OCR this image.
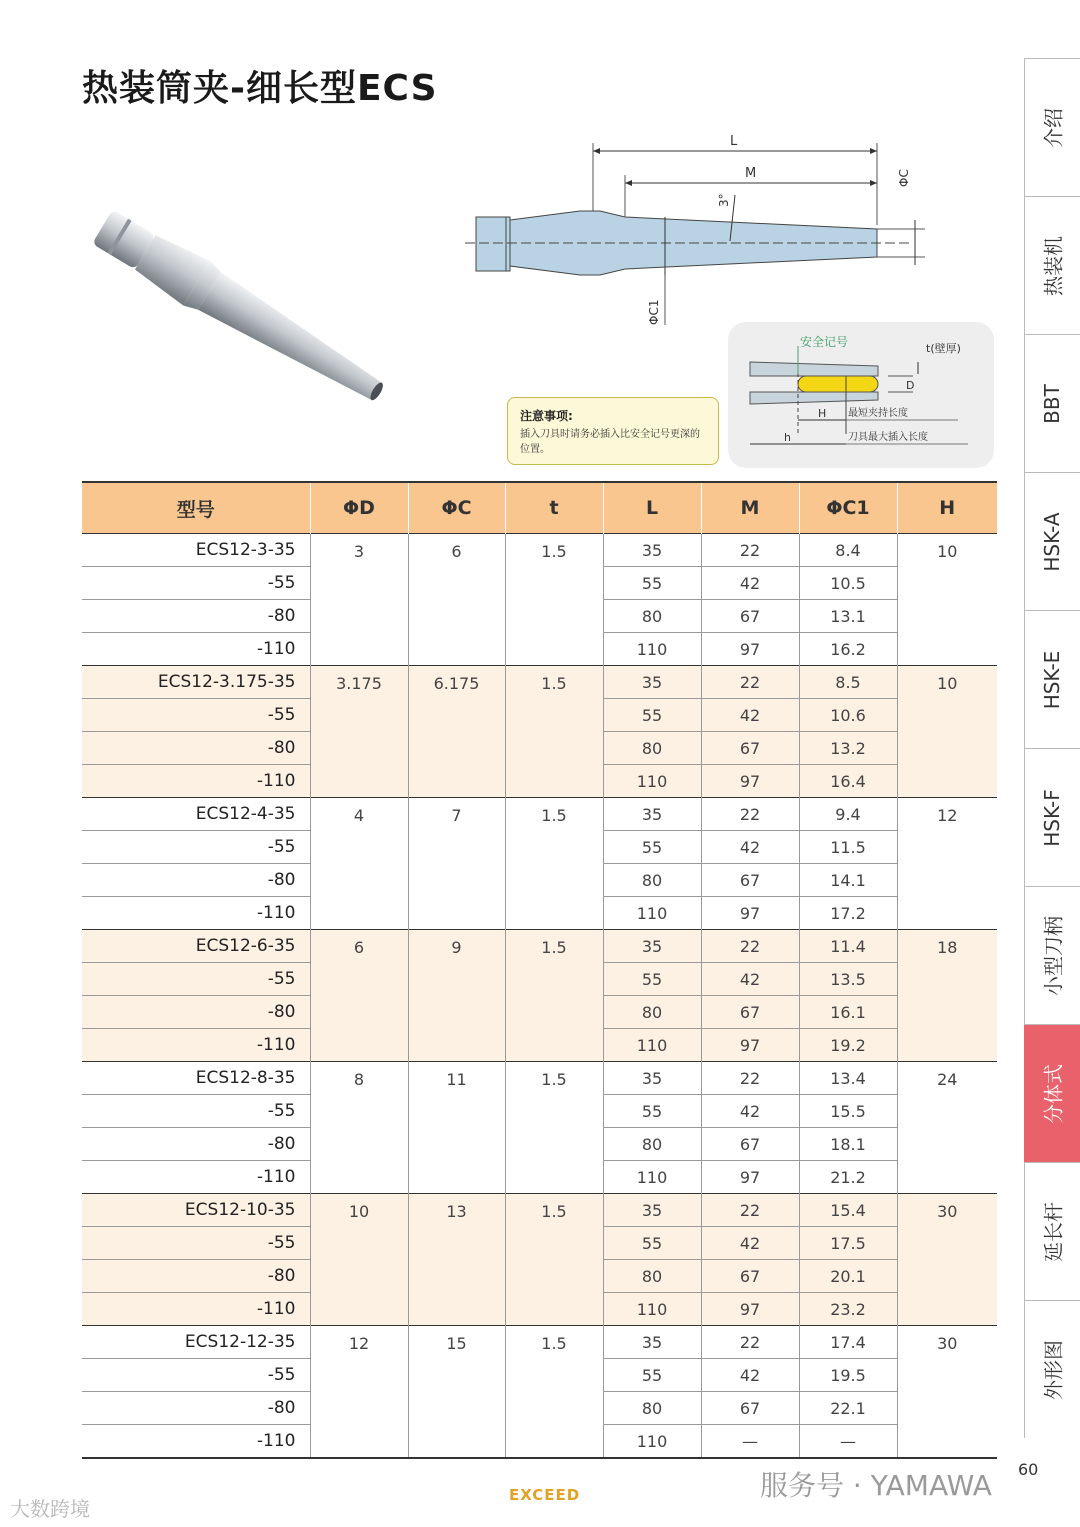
热装筒夹-细长型ECS
L
M
3°
ΦC
ΦC1
安全记号	t(壁厚)
D
H
h
最短夹持长度
刀具最大插入长度
注意事项:
插入刀具时请务必插入比安全记号更深的位置。
型号	ΦD	ΦC	t	L	M	ΦC1	H
ECS12-3-35	3	6	1.5	35	22	8.4	10
-55				55	42	10.5	
-80				80	67	13.1	
-110				110	97	16.2	
ECS12-3.175-35	3.175	6.175	1.5	35	22	8.5	10
-55				55	42	10.6	
-80				80	67	13.2	
-110				110	97	16.4	
ECS12-4-35	4	7	1.5	35	22	9.4	12
-55				55	42	11.5	
-80				80	67	14.1	
-110				110	97	17.2	
ECS12-6-35	6	9	1.5	35	22	11.4	18
-55				55	42	13.5	
-80				80	67	16.1	
-110				110	97	19.2	
ECS12-8-35	8	11	1.5	35	22	13.4	24
-55				55	42	15.5	
-80				80	67	18.1	
-110				110	97	21.2	
ECS12-10-35	10	13	1.5	35	22	15.4	30
-55				55	42	17.5	
-80				80	67	20.1	
-110				110	97	23.2	
ECS12-12-35	12	15	1.5	35	22	17.4	30
-55				55	42	19.5	
-80				80	67	22.1	
-110				110	—	—	
介绍
热装机
BBT
HSK-A
HSK-E
HSK-F
小型刀柄
分体式
延长杆
外形图
60
EXCEED	服务号 · YAMAWA
大数跨境
